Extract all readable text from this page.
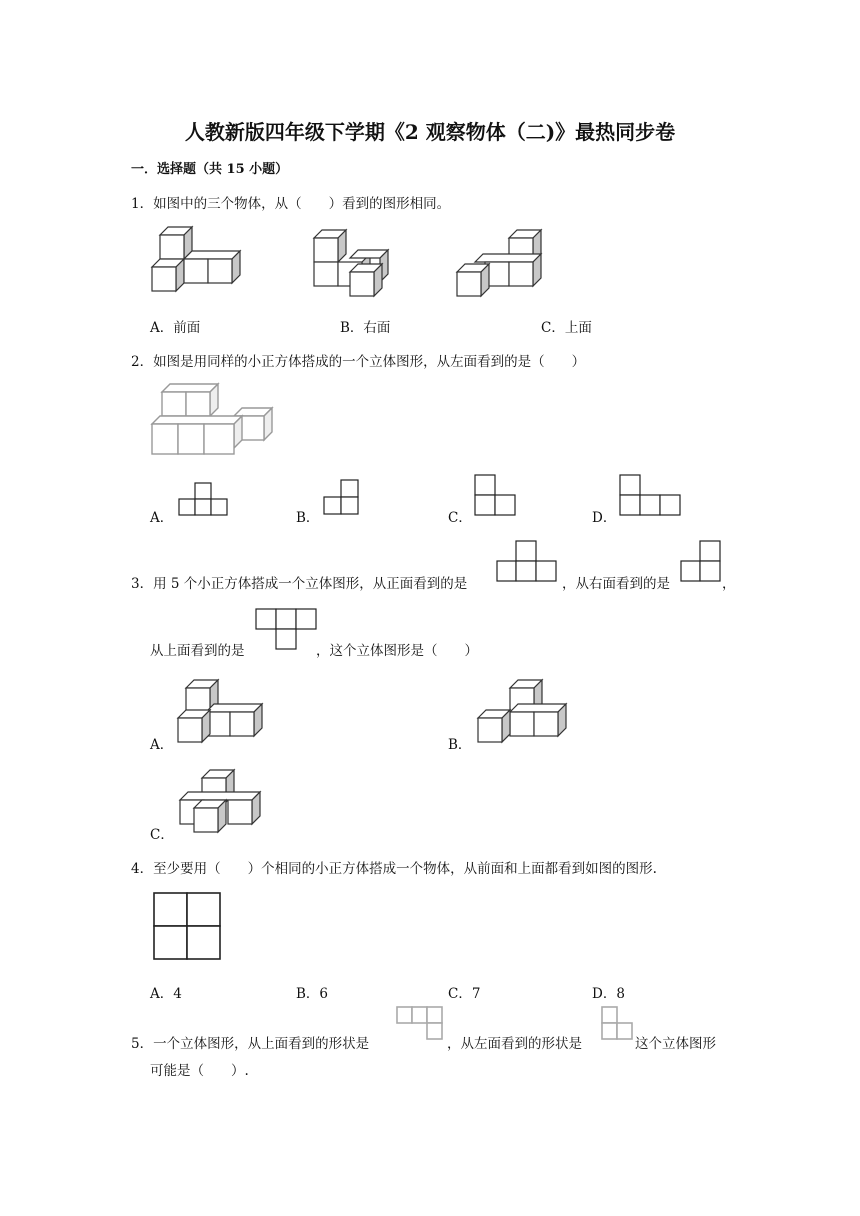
人教新版四年级下学期《2 观察物体（二)》最热同步卷
一．选择题（共 15 小题）
1．如图中的三个物体，从（　　）看到的图形相同。
A．前面	B．右面	C．上面
2．如图是用同样的小正方体搭成的一个立体图形，从左面看到的是（　　）
A．	B．	C．	D．
3．用 5 个小正方体搭成一个立体图形，从正面看到的是	，从右面看到的是	，
从上面看到的是	，这个立体图形是（　　）
A．	B．
C．
4．至少要用（　　）个相同的小正方体搭成一个物体，从前面和上面都看到如图的图形.
A．4	B．6	C．7	D．8
5．一个立体图形，从上面看到的形状是	，从左面看到的形状是	这个立体图形
可能是（　　）.
